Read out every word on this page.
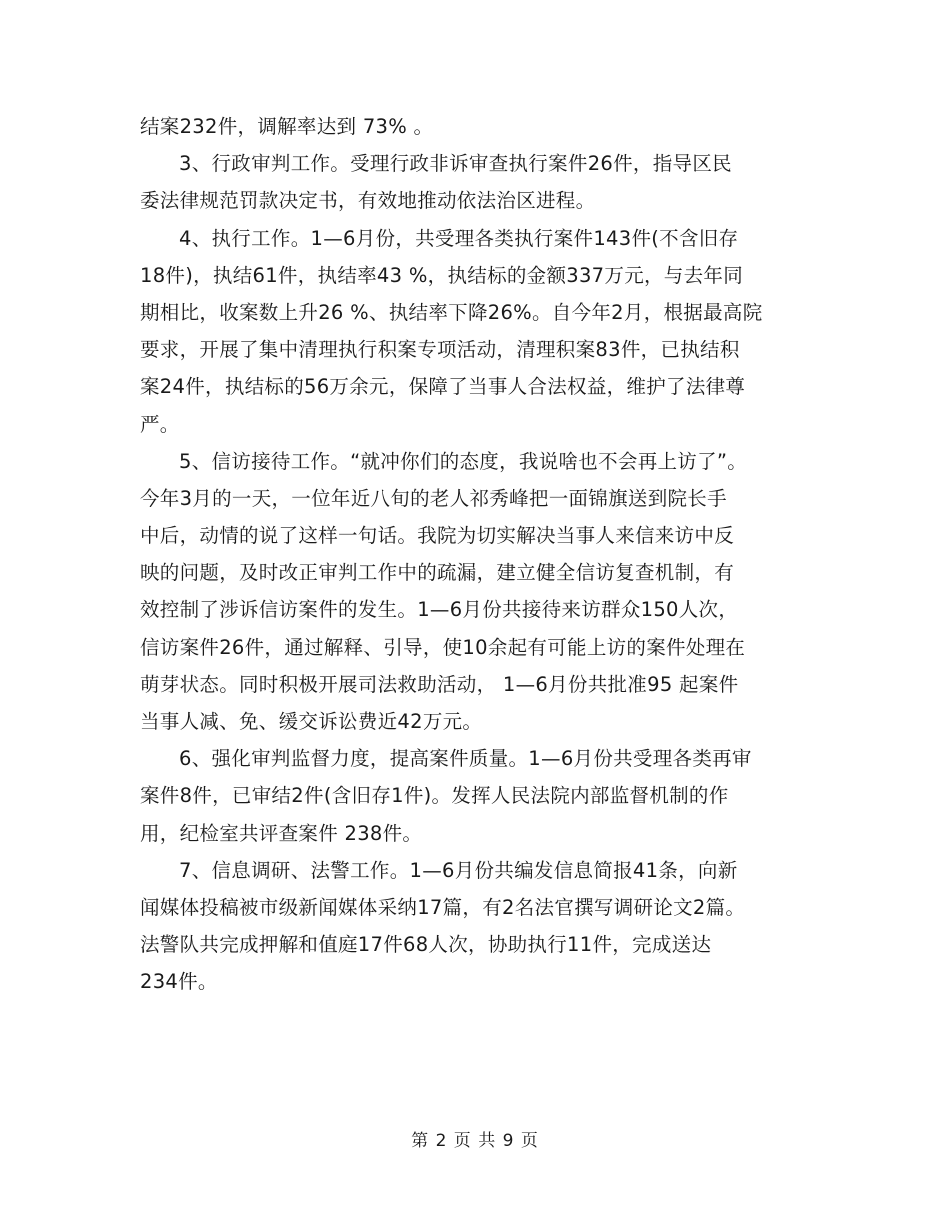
结案232件，调解率达到 73% 。
3、行政审判工作。受理行政非诉审查执行案件26件，指导区民
委法律规范罚款决定书，有效地推动依法治区进程。
4、执行工作。1—6月份，共受理各类执行案件143件(不含旧存
18件)，执结61件，执结率43 %，执结标的金额337万元，与去年同
期相比，收案数上升26 %、执结率下降26%。自今年2月，根据最高院
要求，开展了集中清理执行积案专项活动，清理积案83件，已执结积
案24件，执结标的56万余元，保障了当事人合法权益，维护了法律尊
严。
5、信访接待工作。“就冲你们的态度，我说啥也不会再上访了”。
今年3月的一天，一位年近八旬的老人祁秀峰把一面锦旗送到院长手
中后，动情的说了这样一句话。我院为切实解决当事人来信来访中反
映的问题，及时改正审判工作中的疏漏，建立健全信访复查机制，有
效控制了涉诉信访案件的发生。1—6月份共接待来访群众150人次，
信访案件26件，通过解释、引导，使10余起有可能上访的案件处理在
萌芽状态。同时积极开展司法救助活动， 1—6月份共批准95 起案件
当事人减、免、缓交诉讼费近42万元。
6、强化审判监督力度，提高案件质量。1—6月份共受理各类再审
案件8件，已审结2件(含旧存1件)。发挥人民法院内部监督机制的作
用，纪检室共评查案件 238件。
7、信息调研、法警工作。1—6月份共编发信息简报41条，向新
闻媒体投稿被市级新闻媒体采纳17篇，有2名法官撰写调研论文2篇。
法警队共完成押解和值庭17件68人次，协助执行11件，完成送达
234件。
第 2 页 共 9 页
